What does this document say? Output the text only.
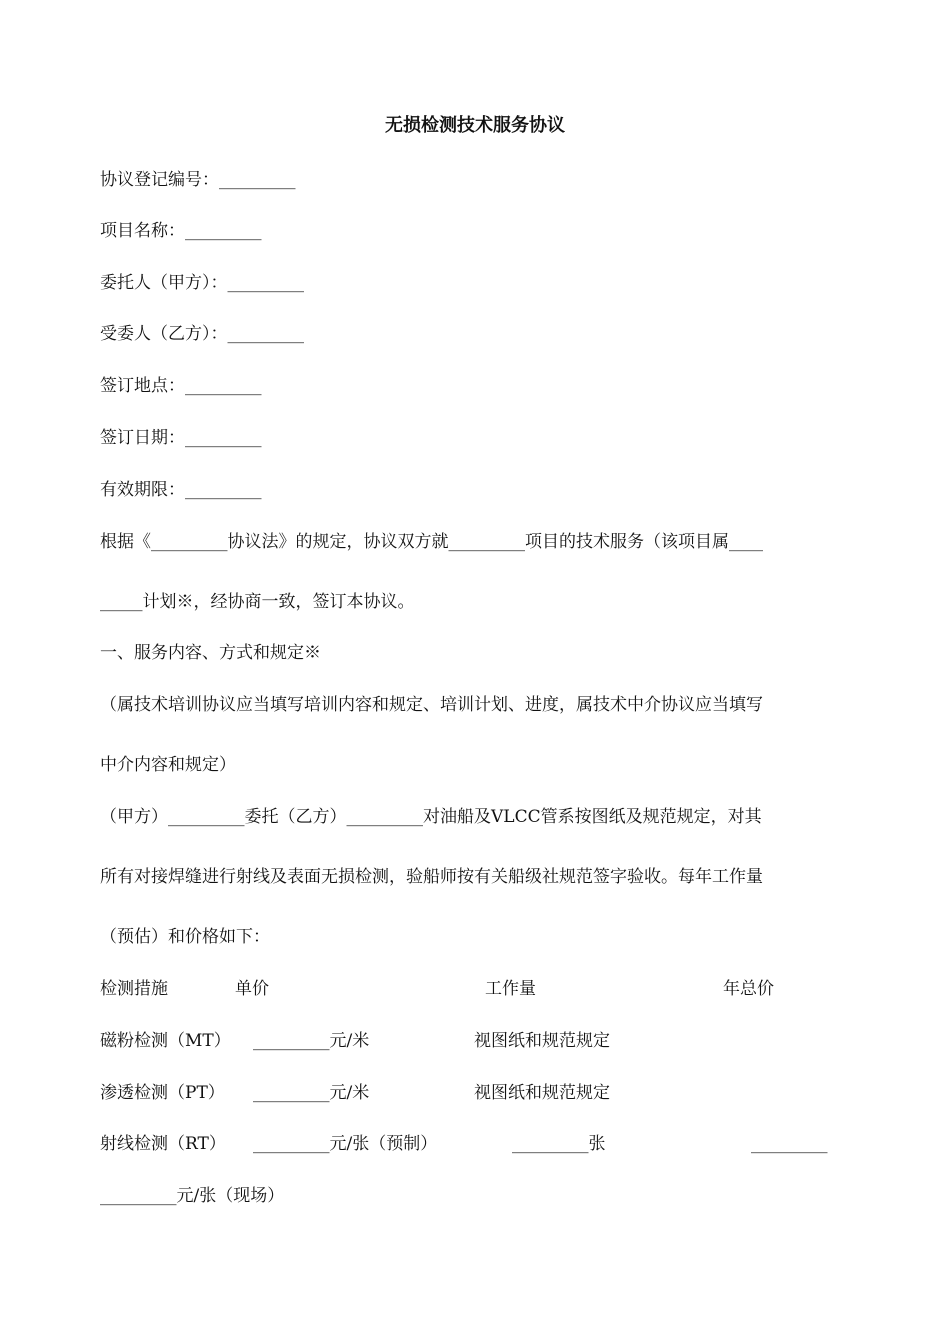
无损检测技术服务协议
协议登记编号：_________
项目名称：_________
委托人（甲方）：_________
受委人（乙方）：_________
签订地点：_________
签订日期：_________
有效期限：_________
根据《_________协议法》的规定，协议双方就_________项目的技术服务（该项目属____
_____计划※，经协商一致，签订本协议。
一、服务内容、方式和规定※
（属技术培训协议应当填写培训内容和规定、培训计划、进度，属技术中介协议应当填写
中介内容和规定）
（甲方）_________委托（乙方）_________对油船及VLCC管系按图纸及规范规定，对其
所有对接焊缝进行射线及表面无损检测，验船师按有关船级社规范签字验收。每年工作量
（预估）和价格如下：
检测措施	单价	工作量	年总价
磁粉检测（MT） _________元/米	视图纸和规范规定
渗透检测（PT） _________元/米	视图纸和规范规定
射线检测（RT） _________元/张（预制）	_________张	_________
_________元/张（现场）
